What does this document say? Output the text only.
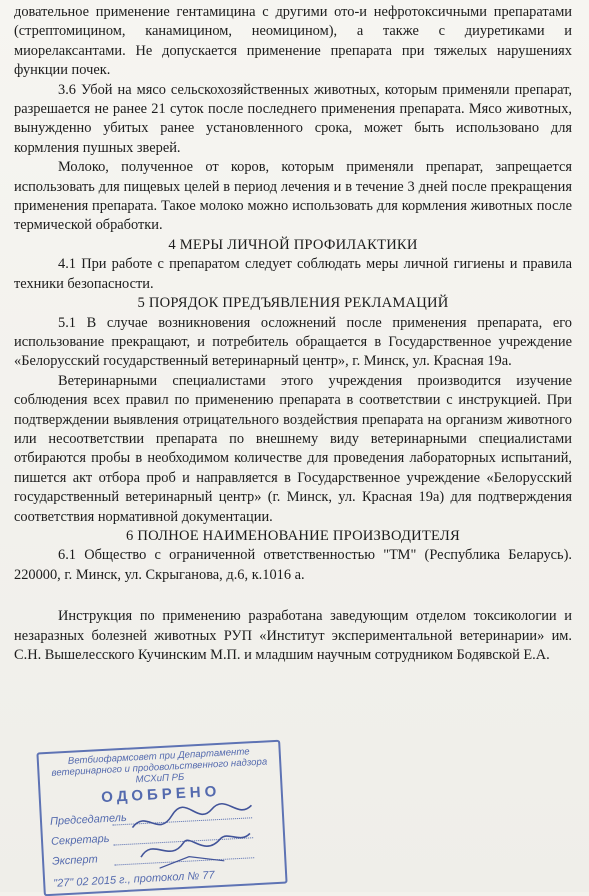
довательное применение гентамицина с другими ото-и нефротоксичными препаратами (стрептомицином, канамицином, неомицином), а также с диуретиками и миорелаксантами. Не допускается применение препарата при тяжелых нарушениях функции почек.

3.6 Убой на мясо сельскохозяйственных животных, которым применяли препарат, разрешается не ранее 21 суток после последнего применения препарата. Мясо животных, вынужденно убитых ранее установленного срока, может быть использовано для кормления пушных зверей.

Молоко, полученное от коров, которым применяли препарат, запрещается использовать для пищевых целей в период лечения и в течение 3 дней после прекращения применения препарата. Такое молоко можно использовать для кормления животных после термической обработки.

4 МЕРЫ ЛИЧНОЙ ПРОФИЛАКТИКИ

4.1 При работе с препаратом следует соблюдать меры личной гигиены и правила техники безопасности.

5 ПОРЯДОК ПРЕДЪЯВЛЕНИЯ РЕКЛАМАЦИЙ

5.1 В случае возникновения осложнений после применения препарата, его использование прекращают, и потребитель обращается в Государственное учреждение «Белорусский государственный ветеринарный центр», г. Минск, ул. Красная 19а.

Ветеринарными специалистами этого учреждения производится изучение соблюдения всех правил по применению препарата в соответствии с инструкцией. При подтверждении выявления отрицательного воздействия препарата на организм животного или несоответствии препарата по внешнему виду ветеринарными специалистами отбираются пробы в необходимом количестве для проведения лабораторных испытаний, пишется акт отбора проб и направляется в Государственное учреждение «Белорусский государственный ветеринарный центр» (г. Минск, ул. Красная 19а) для подтверждения соответствия нормативной документации.

6 ПОЛНОЕ НАИМЕНОВАНИЕ ПРОИЗВОДИТЕЛЯ

6.1 Общество с ограниченной ответственностью "ТМ" (Республика Беларусь). 220000, г. Минск, ул. Скрыганова, д.6, к.1016 а.

Инструкция по применению разработана заведующим отделом токсикологии и незаразных болезней животных РУП «Институт экспериментальной ветеринарии» им. С.Н. Вышелесского Кучинским М.П. и младшим научным сотрудником Бодявской Е.А.

Ветбиофармсовет при Департаменте ветеринарного и продовольственного надзора МСХиП РБ
ОДОБРЕНО
Председатель
Секретарь
Эксперт
"27" 02 2015 г., протокол № 77
